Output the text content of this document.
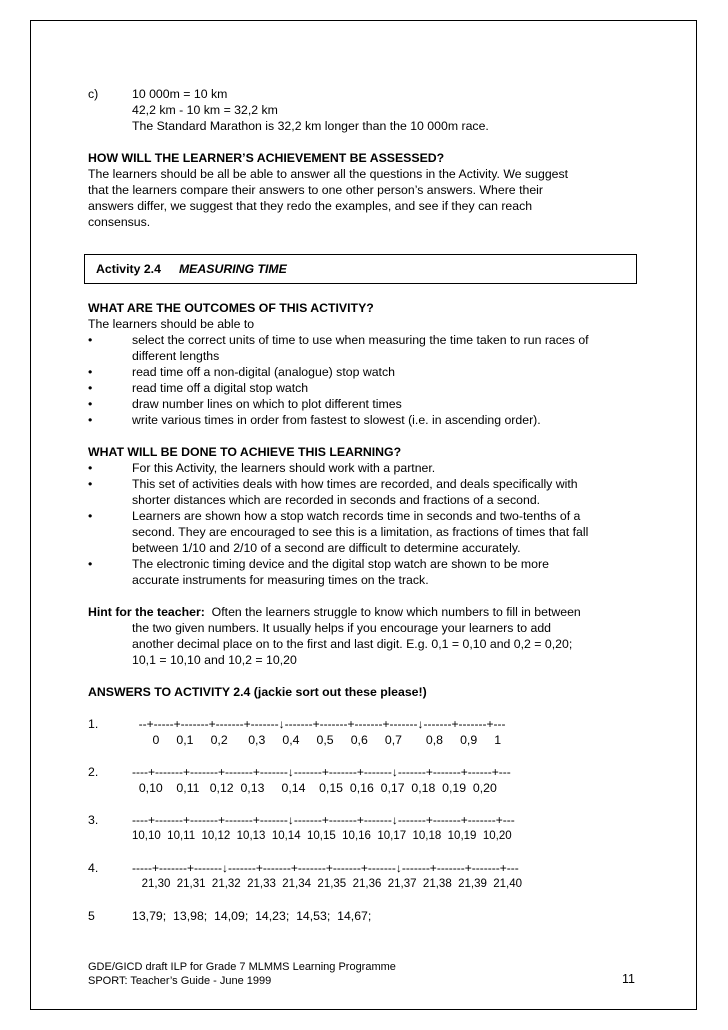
c)	10 000m = 10 km
42,2 km - 10 km = 32,2 km
The Standard Marathon is 32,2 km longer than the 10 000m race.
HOW WILL THE LEARNER’S ACHIEVEMENT BE ASSESSED?
The learners should be all be able to answer all the questions in the Activity. We suggest
that the learners compare their answers to one other person’s answers. Where their
answers differ, we suggest that they redo the examples, and see if they can reach
consensus.
Activity 2.4 MEASURING TIME
WHAT ARE THE OUTCOMES OF THIS ACTIVITY?
The learners should be able to
•	select the correct units of time to use when measuring the time taken to run races of
different lengths
•	read time off a non-digital (analogue) stop watch
•	read time off a digital stop watch
•	draw number lines on which to plot different times
•	write various times in order from fastest to slowest (i.e. in ascending order).
WHAT WILL BE DONE TO ACHIEVE THIS LEARNING?
•	For this Activity, the learners should work with a partner.
•	This set of activities deals with how times are recorded, and deals specifically with
shorter distances which are recorded in seconds and fractions of a second.
•	Learners are shown how a stop watch records time in seconds and two-tenths of a
second. They are encouraged to see this is a limitation, as fractions of times that fall
between 1/10 and 2/10 of a second are difficult to determine accurately.
•	The electronic timing device and the digital stop watch are shown to be more
accurate instruments for measuring times on the track.
Hint for the teacher:  Often the learners struggle to know which numbers to fill in between
the two given numbers. It usually helps if you encourage your learners to add
another decimal place on to the first and last digit. E.g. 0,1 = 0,10 and 0,2 = 0,20;
10,1 = 10,10 and 10,2 = 10,20
ANSWERS TO ACTIVITY 2.4 (jackie sort out these please!)
1.	--+-----+-------+-------+-------↓-------+-------+-------+-------↓-------+-------+---
0     0,1     0,2      0,3     0,4     0,5     0,6     0,7       0,8     0,9     1
2.	----+-------+-------+-------+-------↓-------+-------+-------↓-------+-------+------+---
0,10    0,11   0,12  0,13     0,14    0,15  0,16  0,17  0,18  0,19  0,20
3.	----+-------+-------+-------+-------↓-------+-------+-------↓-------+-------+-------+---
10,10  10,11  10,12  10,13  10,14  10,15  10,16  10,17  10,18  10,19  10,20
4.	-----+-------+-------↓-------+-------+-------+-------+-------↓-------+-------+-------+---
21,30  21,31  21,32  21,33  21,34  21,35  21,36  21,37  21,38  21,39  21,40
5	13,79;  13,98;  14,09;  14,23;  14,53;  14,67;
GDE/GICD draft ILP for Grade 7 MLMMS Learning Programme
SPORT: Teacher’s Guide - June 1999	11
